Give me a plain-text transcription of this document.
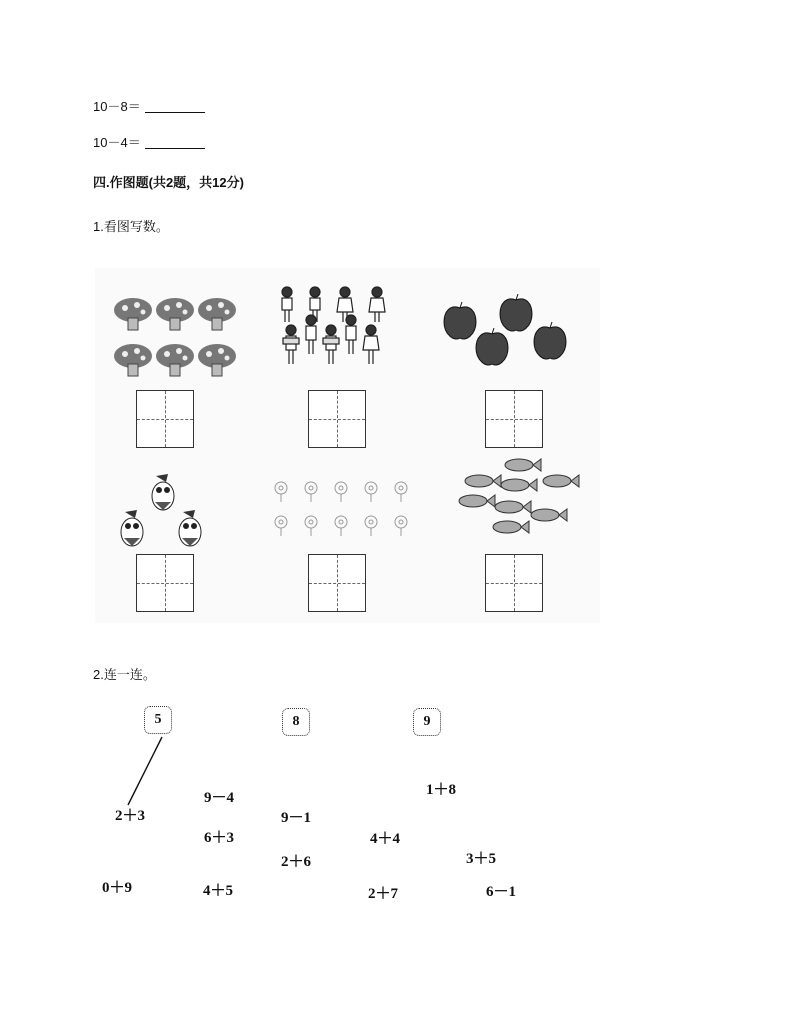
10－8＝
10－4＝
四.作图题(共2题，共12分)
1.看图写数。
2.连一连。
5	8	9
2＋3
9－4
9－1
6＋3
2＋6
4＋4
1＋8
3＋5
0＋9	4＋5	2＋7	6－1
